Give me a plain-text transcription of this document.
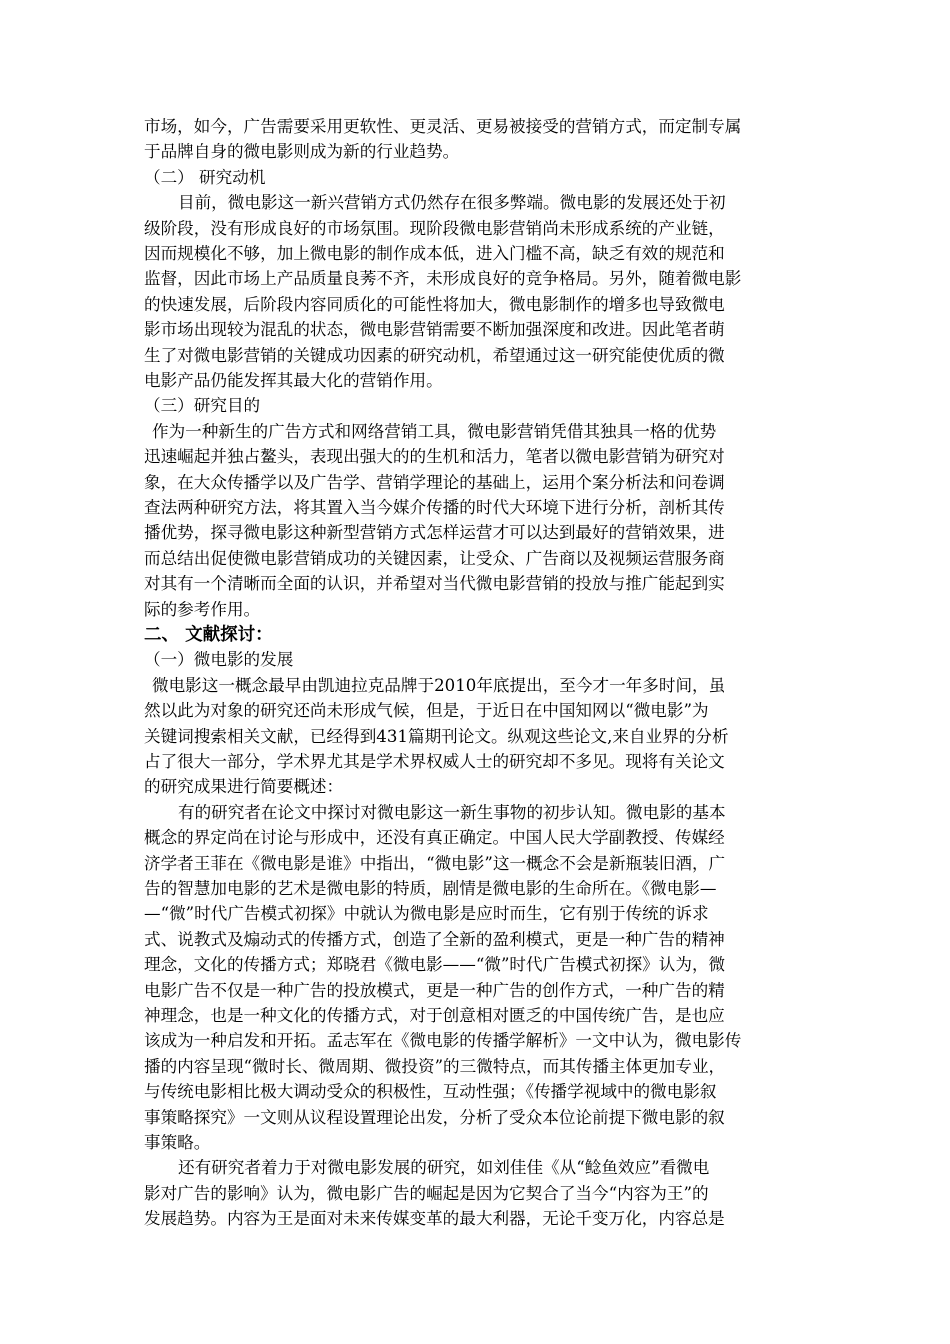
市场，如今，广告需要采用更软性、更灵活、更易被接受的营销方式，而定制专属
于品牌自身的微电影则成为新的行业趋势。
（二） 研究动机
目前，微电影这一新兴营销方式仍然存在很多弊端。微电影的发展还处于初
级阶段，没有形成良好的市场氛围。现阶段微电影营销尚未形成系统的产业链，
因而规模化不够，加上微电影的制作成本低，进入门槛不高，缺乏有效的规范和
监督，因此市场上产品质量良莠不齐，未形成良好的竞争格局。另外，随着微电影
的快速发展，后阶段内容同质化的可能性将加大，微电影制作的增多也导致微电
影市场出现较为混乱的状态，微电影营销需要不断加强深度和改进。因此笔者萌
生了对微电影营销的关键成功因素的研究动机，希望通过这一研究能使优质的微
电影产品仍能发挥其最大化的营销作用。
（三）研究目的
作为一种新生的广告方式和网络营销工具，微电影营销凭借其独具一格的优势
迅速崛起并独占鳌头，表现出强大的的生机和活力，笔者以微电影营销为研究对
象，在大众传播学以及广告学、营销学理论的基础上，运用个案分析法和问卷调
查法两种研究方法，将其置入当今媒介传播的时代大环境下进行分析，剖析其传
播优势，探寻微电影这种新型营销方式怎样运营才可以达到最好的营销效果，进
而总结出促使微电影营销成功的关键因素，让受众、广告商以及视频运营服务商
对其有一个清晰而全面的认识，并希望对当代微电影营销的投放与推广能起到实
际的参考作用。
二、 文献探讨：
（一）微电影的发展
微电影这一概念最早由凯迪拉克品牌于2010年底提出，至今才一年多时间，虽
然以此为对象的研究还尚未形成气候，但是，于近日在中国知网以“微电影”为
关键词搜索相关文献，已经得到431篇期刊论文。纵观这些论文,来自业界的分析
占了很大一部分，学术界尤其是学术界权威人士的研究却不多见。现将有关论文
的研究成果进行简要概述：
有的研究者在论文中探讨对微电影这一新生事物的初步认知。微电影的基本
概念的界定尚在讨论与形成中，还没有真正确定。中国人民大学副教授、传媒经
济学者王菲在《微电影是谁》中指出，“微电影”这一概念不会是新瓶装旧酒，广
告的智慧加电影的艺术是微电影的特质，剧情是微电影的生命所在。《微电影—
—“微”时代广告模式初探》中就认为微电影是应时而生，它有别于传统的诉求
式、说教式及煽动式的传播方式，创造了全新的盈利模式，更是一种广告的精神
理念，文化的传播方式；郑晓君《微电影——“微”时代广告模式初探》认为，微
电影广告不仅是一种广告的投放模式，更是一种广告的创作方式，一种广告的精
神理念，也是一种文化的传播方式，对于创意相对匮乏的中国传统广告，是也应
该成为一种启发和开拓。孟志军在《微电影的传播学解析》一文中认为，微电影传
播的内容呈现“微时长、微周期、微投资”的三微特点，而其传播主体更加专业，
与传统电影相比极大调动受众的积极性，互动性强；《传播学视域中的微电影叙
事策略探究》一文则从议程设置理论出发，分析了受众本位论前提下微电影的叙
事策略。
还有研究者着力于对微电影发展的研究，如刘佳佳《从“鲶鱼效应”看微电
影对广告的影响》认为，微电影广告的崛起是因为它契合了当今“内容为王”的
发展趋势。内容为王是面对未来传媒变革的最大利器，无论千变万化，内容总是
